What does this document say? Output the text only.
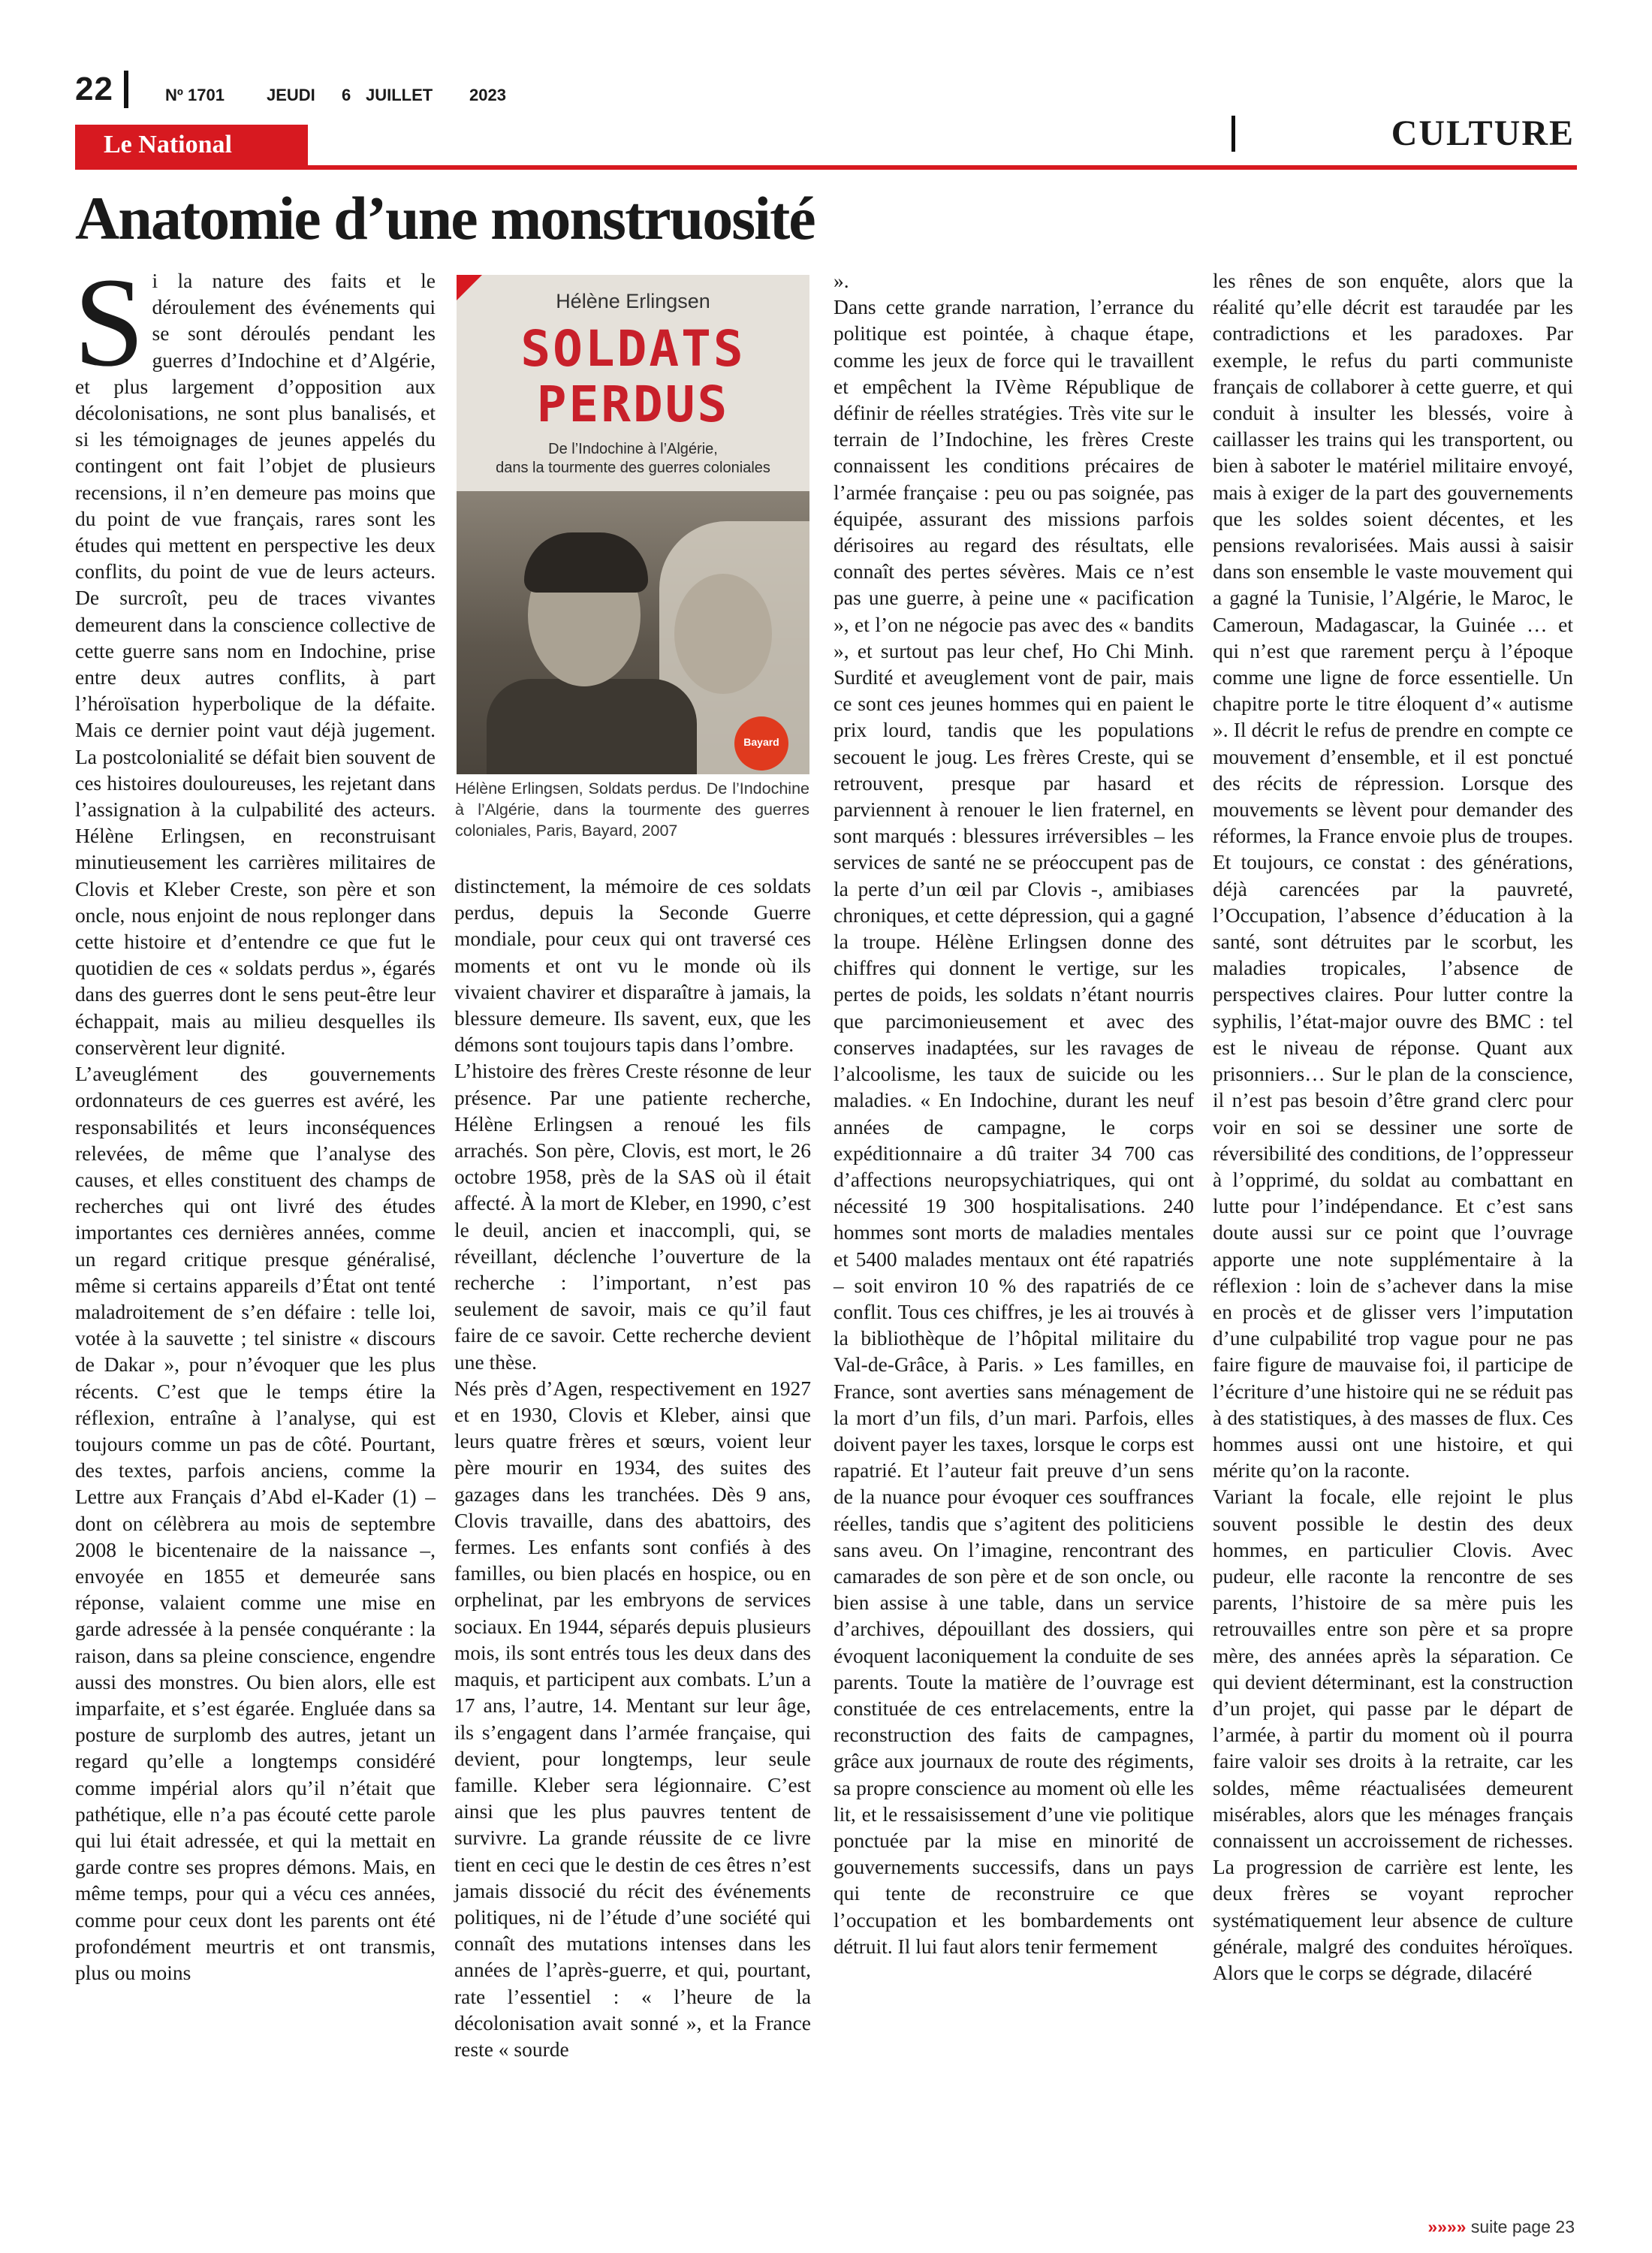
22	Nº 1701	JEUDI 6 JUILLET 2023
CULTURE
Le National
Anatomie d’une monstruosité

Si la nature des faits et le déroulement des événements qui se sont déroulés pendant les guerres d’Indochine et d’Algérie, et plus largement d’opposition aux décolonisations, ne sont plus banalisés, et si les témoignages de jeunes appelés du contingent ont fait l’objet de plusieurs recensions, il n’en demeure pas moins que du point de vue français, rares sont les études qui mettent en perspective les deux conflits, du point de vue de leurs acteurs. De surcroît, peu de traces vivantes demeurent dans la conscience collective de cette guerre sans nom en Indochine, prise entre deux autres conflits, à part l’héroïsation hyperbolique de la défaite. Mais ce dernier point vaut déjà jugement. La postcolonialité se défait bien souvent de ces histoires douloureuses, les rejetant dans l’assignation à la culpabilité des acteurs. Hélène Erlingsen, en reconstruisant minutieusement les carrières militaires de Clovis et Kleber Creste, son père et son oncle, nous enjoint de nous replonger dans cette histoire et d’entendre ce que fut le quotidien de ces « soldats perdus », égarés dans des guerres dont le sens peut-être leur échappait, mais au milieu desquelles ils conservèrent leur dignité.

L’aveuglément des gouvernements ordonnateurs de ces guerres est avéré, les responsabilités et leurs inconséquences relevées, de même que l’analyse des causes, et elles constituent des champs de recherches qui ont livré des études importantes ces dernières années, comme un regard critique presque généralisé, même si certains appareils d’État ont tenté maladroitement de s’en défaire : telle loi, votée à la sauvette ; tel sinistre « discours de Dakar », pour n’évoquer que les plus récents. C’est que le temps étire la réflexion, entraîne à l’analyse, qui est toujours comme un pas de côté. Pourtant, des textes, parfois anciens, comme la Lettre aux Français d’Abd el-Kader (1) – dont on célèbrera au mois de septembre 2008 le bicentenaire de la naissance –, envoyée en 1855 et demeurée sans réponse, valaient comme une mise en garde adressée à la pensée conquérante : la raison, dans sa pleine conscience, engendre aussi des monstres. Ou bien alors, elle est imparfaite, et s’est égarée. Engluée dans sa posture de surplomb des autres, jetant un regard qu’elle a longtemps considéré comme impérial alors qu’il n’était que pathétique, elle n’a pas écouté cette parole qui lui était adressée, et qui la mettait en garde contre ses propres démons. Mais, en même temps, pour qui a vécu ces années, comme pour ceux dont les parents ont été profondément meurtris et ont transmis, plus ou moins

Hélène Erlingsen
SOLDATS
PERDUS
De l’Indochine à l’Algérie,
dans la tourmente des guerres coloniales
Bayard
Hélène Erlingsen, Soldats perdus. De l’Indochine à l’Algérie, dans la tourmente des guerres coloniales, Paris, Bayard, 2007

distinctement, la mémoire de ces soldats perdus, depuis la Seconde Guerre mondiale, pour ceux qui ont traversé ces moments et ont vu le monde où ils vivaient chavirer et disparaître à jamais, la blessure demeure. Ils savent, eux, que les démons sont toujours tapis dans l’ombre.

L’histoire des frères Creste résonne de leur présence. Par une patiente recherche, Hélène Erlingsen a renoué les fils arrachés. Son père, Clovis, est mort, le 26 octobre 1958, près de la SAS où il était affecté. À la mort de Kleber, en 1990, c’est le deuil, ancien et inaccompli, qui, se réveillant, déclenche l’ouverture de la recherche : l’important, n’est pas seulement de savoir, mais ce qu’il faut faire de ce savoir. Cette recherche devient une thèse.

Nés près d’Agen, respectivement en 1927 et en 1930, Clovis et Kleber, ainsi que leurs quatre frères et sœurs, voient leur père mourir en 1934, des suites des gazages dans les tranchées. Dès 9 ans, Clovis travaille, dans des abattoirs, des fermes. Les enfants sont confiés à des familles, ou bien placés en hospice, ou en orphelinat, par les embryons de services sociaux. En 1944, séparés depuis plusieurs mois, ils sont entrés tous les deux dans des maquis, et participent aux combats. L’un a 17 ans, l’autre, 14. Mentant sur leur âge, ils s’engagent dans l’armée française, qui devient, pour longtemps, leur seule famille. Kleber sera légionnaire. C’est ainsi que les plus pauvres tentent de survivre. La grande réussite de ce livre tient en ceci que le destin de ces êtres n’est jamais dissocié du récit des événements politiques, ni de l’étude d’une société qui connaît des mutations intenses dans les années de l’après-guerre, et qui, pourtant, rate l’essentiel : « l’heure de la décolonisation avait sonné », et la France reste « sourde

».

Dans cette grande narration, l’errance du politique est pointée, à chaque étape, comme les jeux de force qui le travaillent et empêchent la IVème République de définir de réelles stratégies. Très vite sur le terrain de l’Indochine, les frères Creste connaissent les conditions précaires de l’armée française : peu ou pas soignée, pas équipée, assurant des missions parfois dérisoires au regard des résultats, elle connaît des pertes sévères. Mais ce n’est pas une guerre, à peine une « pacification », et l’on ne négocie pas avec des « bandits », et surtout pas leur chef, Ho Chi Minh. Surdité et aveuglement vont de pair, mais ce sont ces jeunes hommes qui en paient le prix lourd, tandis que les populations secouent le joug. Les frères Creste, qui se retrouvent, presque par hasard et parviennent à renouer le lien fraternel, en sont marqués : blessures irréversibles – les services de santé ne se préoccupent pas de la perte d’un œil par Clovis -, amibiases chroniques, et cette dépression, qui a gagné la troupe. Hélène Erlingsen donne des chiffres qui donnent le vertige, sur les pertes de poids, les soldats n’étant nourris que parcimonieusement et avec des conserves inadaptées, sur les ravages de l’alcoolisme, les taux de suicide ou les maladies. « En Indochine, durant les neuf années de campagne, le corps expéditionnaire a dû traiter 34 700 cas d’affections neuropsychiatriques, qui ont nécessité 19 300 hospitalisations. 240 hommes sont morts de maladies mentales et 5400 malades mentaux ont été rapatriés – soit environ 10 % des rapatriés de ce conflit. Tous ces chiffres, je les ai trouvés à la bibliothèque de l’hôpital militaire du Val-de-Grâce, à Paris. » Les familles, en France, sont averties sans ménagement de la mort d’un fils, d’un mari. Parfois, elles doivent payer les taxes, lorsque le corps est rapatrié. Et l’auteur fait preuve d’un sens de la nuance pour évoquer ces souffrances réelles, tandis que s’agitent des politiciens sans aveu. On l’imagine, rencontrant des camarades de son père et de son oncle, ou bien assise à une table, dans un service d’archives, dépouillant des dossiers, qui évoquent laconiquement la conduite de ses parents. Toute la matière de l’ouvrage est constituée de ces entrelacements, entre la reconstruction des faits de campagnes, grâce aux journaux de route des régiments, sa propre conscience au moment où elle les lit, et le ressaisissement d’une vie politique ponctuée par la mise en minorité de gouvernements successifs, dans un pays qui tente de reconstruire ce que l’occupation et les bombardements ont détruit. Il lui faut alors tenir fermement

les rênes de son enquête, alors que la réalité qu’elle décrit est taraudée par les contradictions et les paradoxes. Par exemple, le refus du parti communiste français de collaborer à cette guerre, et qui conduit à insulter les blessés, voire à caillasser les trains qui les transportent, ou bien à saboter le matériel militaire envoyé, mais à exiger de la part des gouvernements que les soldes soient décentes, et les pensions revalorisées. Mais aussi à saisir dans son ensemble le vaste mouvement qui a gagné la Tunisie, l’Algérie, le Maroc, le Cameroun, Madagascar, la Guinée … et qui n’est que rarement perçu à l’époque comme une ligne de force essentielle. Un chapitre porte le titre éloquent d’« autisme ». Il décrit le refus de prendre en compte ce mouvement d’ensemble, et il est ponctué des récits de répression. Lorsque des mouvements se lèvent pour demander des réformes, la France envoie plus de troupes. Et toujours, ce constat : des générations, déjà carencées par la pauvreté, l’Occupation, l’absence d’éducation à la santé, sont détruites par le scorbut, les maladies tropicales, l’absence de perspectives claires. Pour lutter contre la syphilis, l’état-major ouvre des BMC : tel est le niveau de réponse. Quant aux prisonniers… Sur le plan de la conscience, il n’est pas besoin d’être grand clerc pour voir en soi se dessiner une sorte de réversibilité des conditions, de l’oppresseur à l’opprimé, du soldat au combattant en lutte pour l’indépendance. Et c’est sans doute aussi sur ce point que l’ouvrage apporte une note supplémentaire à la réflexion : loin de s’achever dans la mise en procès et de glisser vers l’imputation d’une culpabilité trop vague pour ne pas faire figure de mauvaise foi, il participe de l’écriture d’une histoire qui ne se réduit pas à des statistiques, à des masses de flux. Ces hommes aussi ont une histoire, et qui mérite qu’on la raconte.

Variant la focale, elle rejoint le plus souvent possible le destin des deux hommes, en particulier Clovis. Avec pudeur, elle raconte la rencontre de ses parents, l’histoire de sa mère puis les retrouvailles entre son père et sa propre mère, des années après la séparation. Ce qui devient déterminant, est la construction d’un projet, qui passe par le départ de l’armée, à partir du moment où il pourra faire valoir ses droits à la retraite, car les soldes, même réactualisées demeurent misérables, alors que les ménages français connaissent un accroissement de richesses. La progression de carrière est lente, les deux frères se voyant reprocher systématiquement leur absence de culture générale, malgré des conduites héroïques. Alors que le corps se dégrade, dilacéré

»»»» suite page 23
